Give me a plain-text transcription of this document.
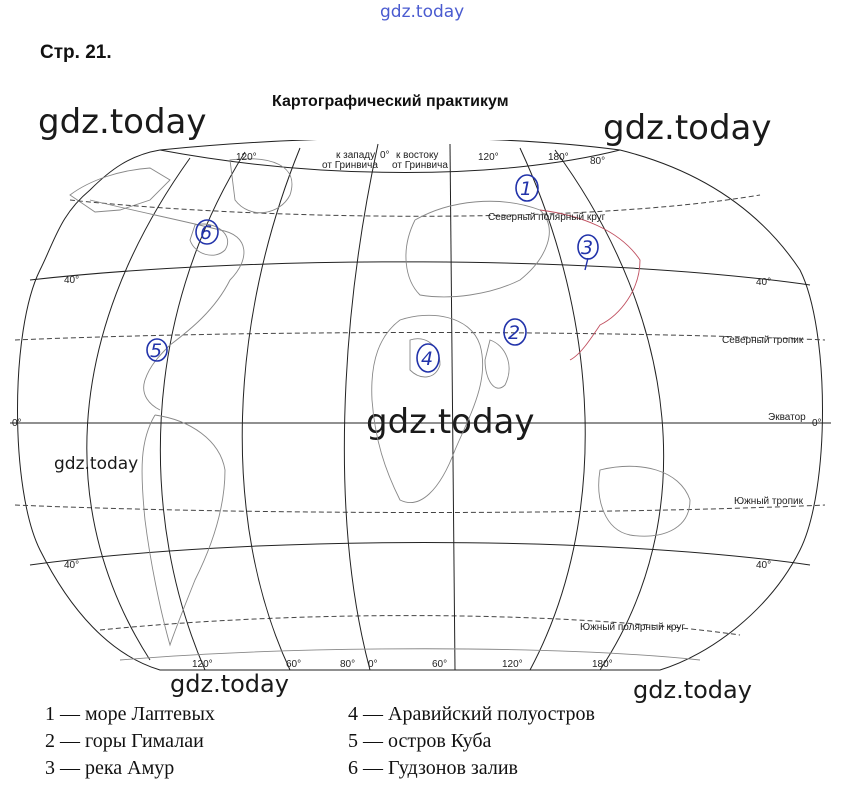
gdz.today
gdz.today	gdz.today
gdz.today
gdz.today
gdz.today	gdz.today
Стр. 21.
Картографический практикум
120°	120°	180° 80°
к западу
от Гринвича
0° к востоку
от Гринвича
120°	60°	80° 0°	60°	120°	180°
40°	40°
0°	0°
40°	40°
Северный полярный круг
Северный тропик
Экватор
Южный тропик
Южный полярный круг
1
2
3
4
5
6
1 — море Лаптевых
2 — горы Гималаи
3 — река Амур
4 — Аравийский полуостров
5 — остров Куба
6 — Гудзонов залив
